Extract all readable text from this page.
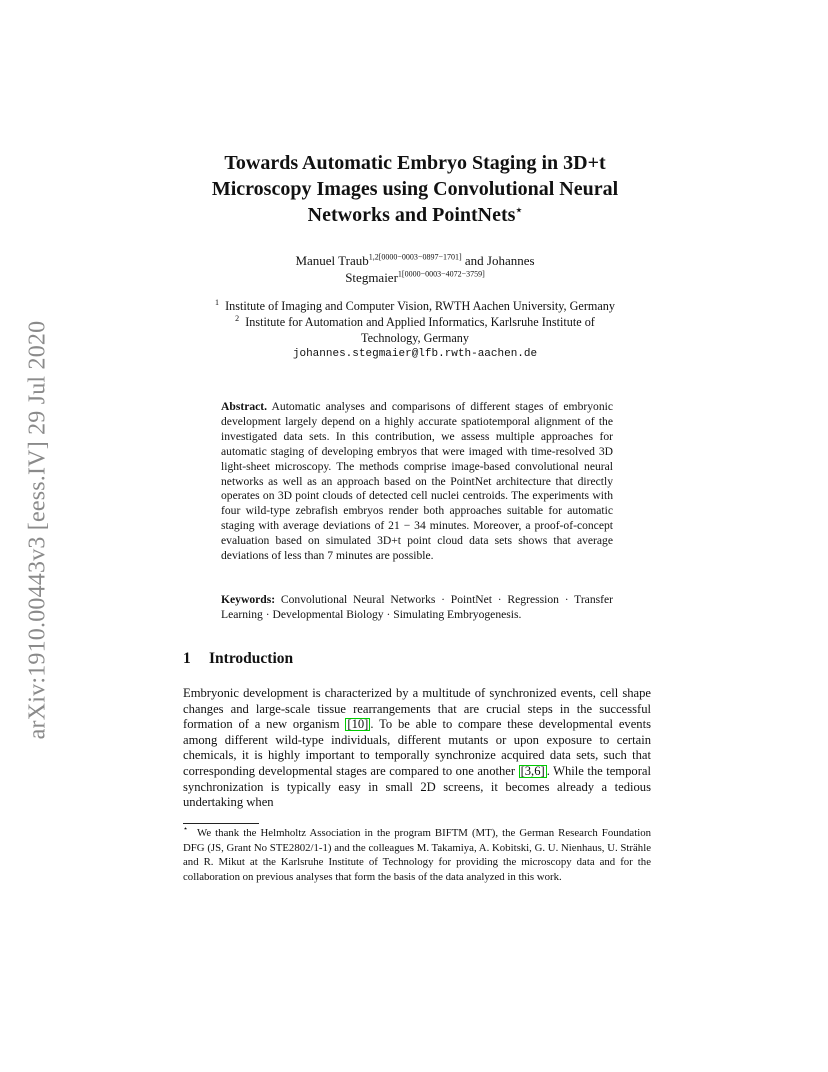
arXiv:1910.00443v3 [eess.IV] 29 Jul 2020
Towards Automatic Embryo Staging in 3D+t
Microscopy Images using Convolutional Neural
Networks and PointNets⋆
Manuel Traub$^{1,2[0000-0003-0897-1701]}$ and Johannes
Stegmaier$^{1[0000-0003-4072-3759]}$
$^1$ Institute of Imaging and Computer Vision, RWTH Aachen University, Germany
$^2$ Institute for Automation and Applied Informatics, Karlsruhe Institute of
Technology, Germany
johannes.stegmaier@lfb.rwth-aachen.de
Abstract. Automatic analyses and comparisons of different stages of embryonic development largely depend on a highly accurate spatiotemporal alignment of the investigated data sets. In this contribution, we assess multiple approaches for automatic staging of developing embryos that were imaged with time-resolved 3D light-sheet microscopy. The methods comprise image-based convolutional neural networks as well as an approach based on the PointNet architecture that directly operates on 3D point clouds of detected cell nuclei centroids. The experiments with four wild-type zebrafish embryos render both approaches suitable for automatic staging with average deviations of 21 − 34 minutes. Moreover, a proof-of-concept evaluation based on simulated 3D+t point cloud data sets shows that average deviations of less than 7 minutes are possible.
Keywords: Convolutional Neural Networks · PointNet · Regression · Transfer Learning · Developmental Biology · Simulating Embryogenesis.
1 Introduction
Embryonic development is characterized by a multitude of synchronized events, cell shape changes and large-scale tissue rearrangements that are crucial steps in the successful formation of a new organism [10] . To be able to compare these developmental events among different wild-type individuals, different mutants or upon exposure to certain chemicals, it is highly important to temporally synchronize acquired data sets, such that corresponding developmental stages are compared to one another [3,6] . While the temporal synchronization is typically easy in small 2D screens, it becomes already a tedious undertaking when
⋆ We thank the Helmholtz Association in the program BIFTM (MT), the German Research Foundation DFG (JS, Grant No STE2802/1-1) and the colleagues M. Takamiya, A. Kobitski, G. U. Nienhaus, U. Strähle and R. Mikut at the Karlsruhe Institute of Technology for providing the microscopy data and for the collaboration on previous analyses that form the basis of the data analyzed in this work.
